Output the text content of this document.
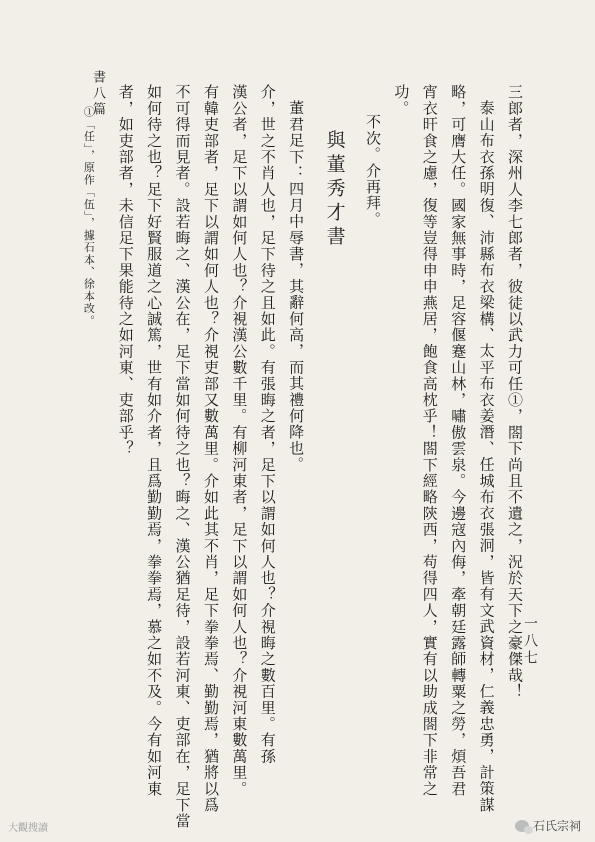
一八七
三郎者，深州人李七郎者，彼徒以武力可任①，閤下尚且不遺之，況於天下之豪傑哉！
泰山布衣孫明復、沛縣布衣梁構、太平布衣姜潛、任城布衣張泂，皆有文武資材，仁義忠勇，計策謀
略，可膺大任。國家無事時，足容偃蹇山林，嘯傲雲泉。今邊寇內侮，牽朝廷露師轉粟之勞，煩吾君
宵衣旰食之慮，復等豈得申申燕居，飽食高枕乎！閤下經略陝西，苟得四人，實有以助成閤下非常之
功。
不次。介再拜。
與董秀才書
董君足下：四月中辱書，其辭何高，而其禮何降也。
介，世之不肖人也，足下待之且如此。有張晦之者，足下以謂如何人也？介視晦之數百里。有孫
漢公者，足下以謂如何人也？介視漢公數千里。有柳河東者，足下以謂如何人也？介視河東數萬里。
有韓吏部者，足下以謂如何人也？介視吏部又數萬里。介如此其不肖，足下拳拳焉、勤勤焉，猶將以爲
不可得而見者。設若晦之、漢公在，足下當如何待之也？晦之、漢公猶足待，設若河東、吏部在，足下當
如何待之也？足下好賢服道之心誠篤，世有如介者，且爲勤勤焉，拳拳焉，慕之如不及。今有如河東
者，如吏部者，未信足下果能待之如河東、吏部乎？
①「任」，原作「伍」，據石本、徐本改。
書八篇
大觀搜讀	石氏宗祠
